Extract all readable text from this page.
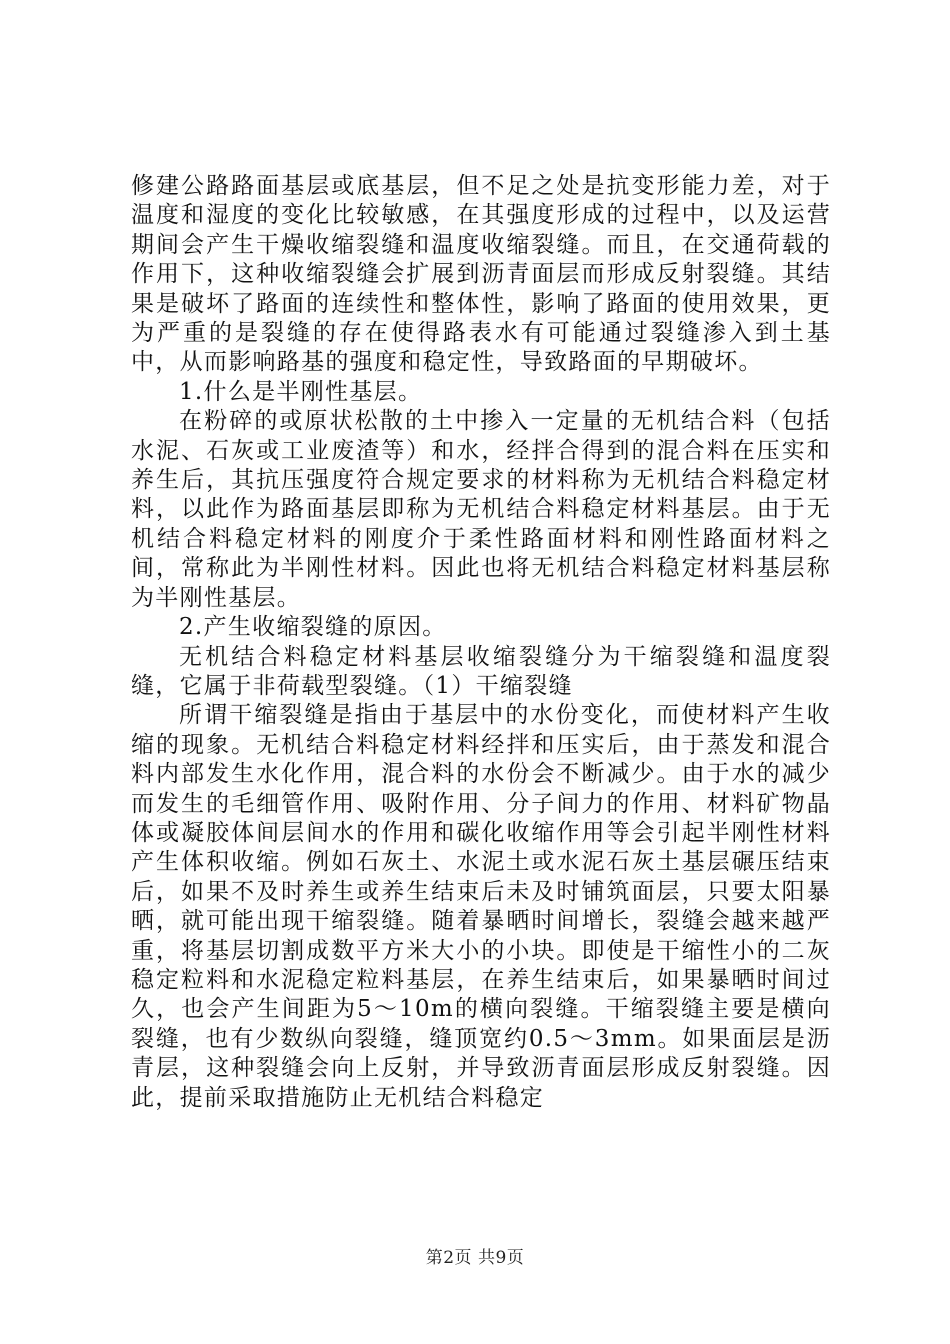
修建公路路面基层或底基层，但不足之处是抗变形能力差，对于温度和湿度的变化比较敏感，在其强度形成的过程中，以及运营期间会产生干燥收缩裂缝和温度收缩裂缝。而且，在交通荷载的作用下，这种收缩裂缝会扩展到沥青面层而形成反射裂缝。其结果是破坏了路面的连续性和整体性，影响了路面的使用效果，更为严重的是裂缝的存在使得路表水有可能通过裂缝渗入到土基中，从而影响路基的强度和稳定性，导致路面的早期破坏。

1.什么是半刚性基层。

在粉碎的或原状松散的土中掺入一定量的无机结合料（包括水泥、石灰或工业废渣等）和水，经拌合得到的混合料在压实和养生后，其抗压强度符合规定要求的材料称为无机结合料稳定材料，以此作为路面基层即称为无机结合料稳定材料基层。由于无机结合料稳定材料的刚度介于柔性路面材料和刚性路面材料之间，常称此为半刚性材料。因此也将无机结合料稳定材料基层称为半刚性基层。

2.产生收缩裂缝的原因。

无机结合料稳定材料基层收缩裂缝分为干缩裂缝和温度裂缝，它属于非荷载型裂缝。（1）干缩裂缝

所谓干缩裂缝是指由于基层中的水份变化，而使材料产生收缩的现象。无机结合料稳定材料经拌和压实后，由于蒸发和混合料内部发生水化作用，混合料的水份会不断减少。由于水的减少而发生的毛细管作用、吸附作用、分子间力的作用、材料矿物晶体或凝胶体间层间水的作用和碳化收缩作用等会引起半刚性材料产生体积收缩。例如石灰土、水泥土或水泥石灰土基层碾压结束后，如果不及时养生或养生结束后未及时铺筑面层，只要太阳暴晒，就可能出现干缩裂缝。随着暴晒时间增长，裂缝会越来越严重，将基层切割成数平方米大小的小块。即使是干缩性小的二灰稳定粒料和水泥稳定粒料基层，在养生结束后，如果暴晒时间过久，也会产生间距为5～10m的横向裂缝。干缩裂缝主要是横向裂缝，也有少数纵向裂缝，缝顶宽约0.5～3mm。如果面层是沥青层，这种裂缝会向上反射，并导致沥青面层形成反射裂缝。因此，提前采取措施防止无机结合料稳定

第2页 共9页
